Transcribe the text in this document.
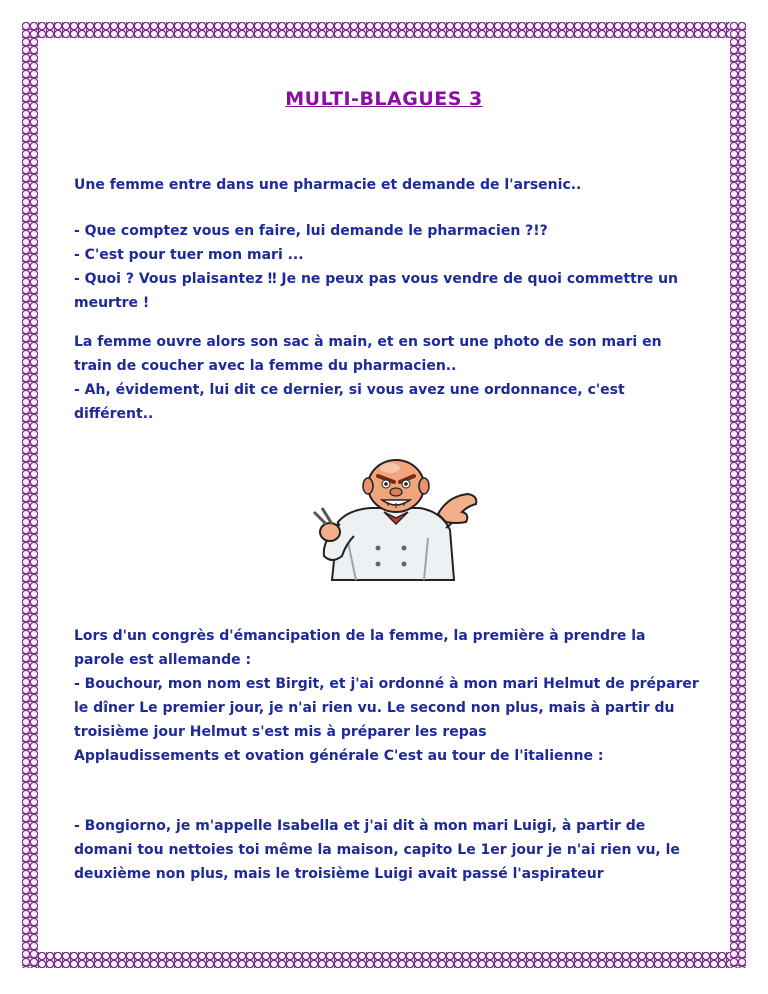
MULTI-BLAGUES 3

Une femme entre dans une pharmacie et demande de l'arsenic..

- Que comptez vous en faire, lui demande le pharmacien ?!?

- C'est pour tuer mon mari ...

- Quoi ? Vous plaisantez ‼ Je ne peux pas vous vendre de quoi commettre un meurtre !

La femme ouvre alors son sac à main, et en sort une photo de son mari en train de coucher avec la femme du pharmacien..

- Ah, évidement, lui dit ce dernier, si vous avez une ordonnance, c'est différent..

Lors d'un congrès d'émancipation de la femme, la première à prendre la parole est allemande :

- Bouchour, mon nom est Birgit, et j'ai ordonné à mon mari Helmut de préparer le dîner Le premier jour, je n'ai rien vu. Le second non plus, mais à partir du troisième jour Helmut s'est mis à préparer les repas

Applaudissements et ovation générale C'est au tour de l'italienne :

- Bongiorno, je m'appelle Isabella et j'ai dit à mon mari Luigi, à partir de domani tou nettoies toi même la maison, capito Le 1er jour je n'ai rien vu, le deuxième non plus, mais le troisième Luigi avait passé l'aspirateur
